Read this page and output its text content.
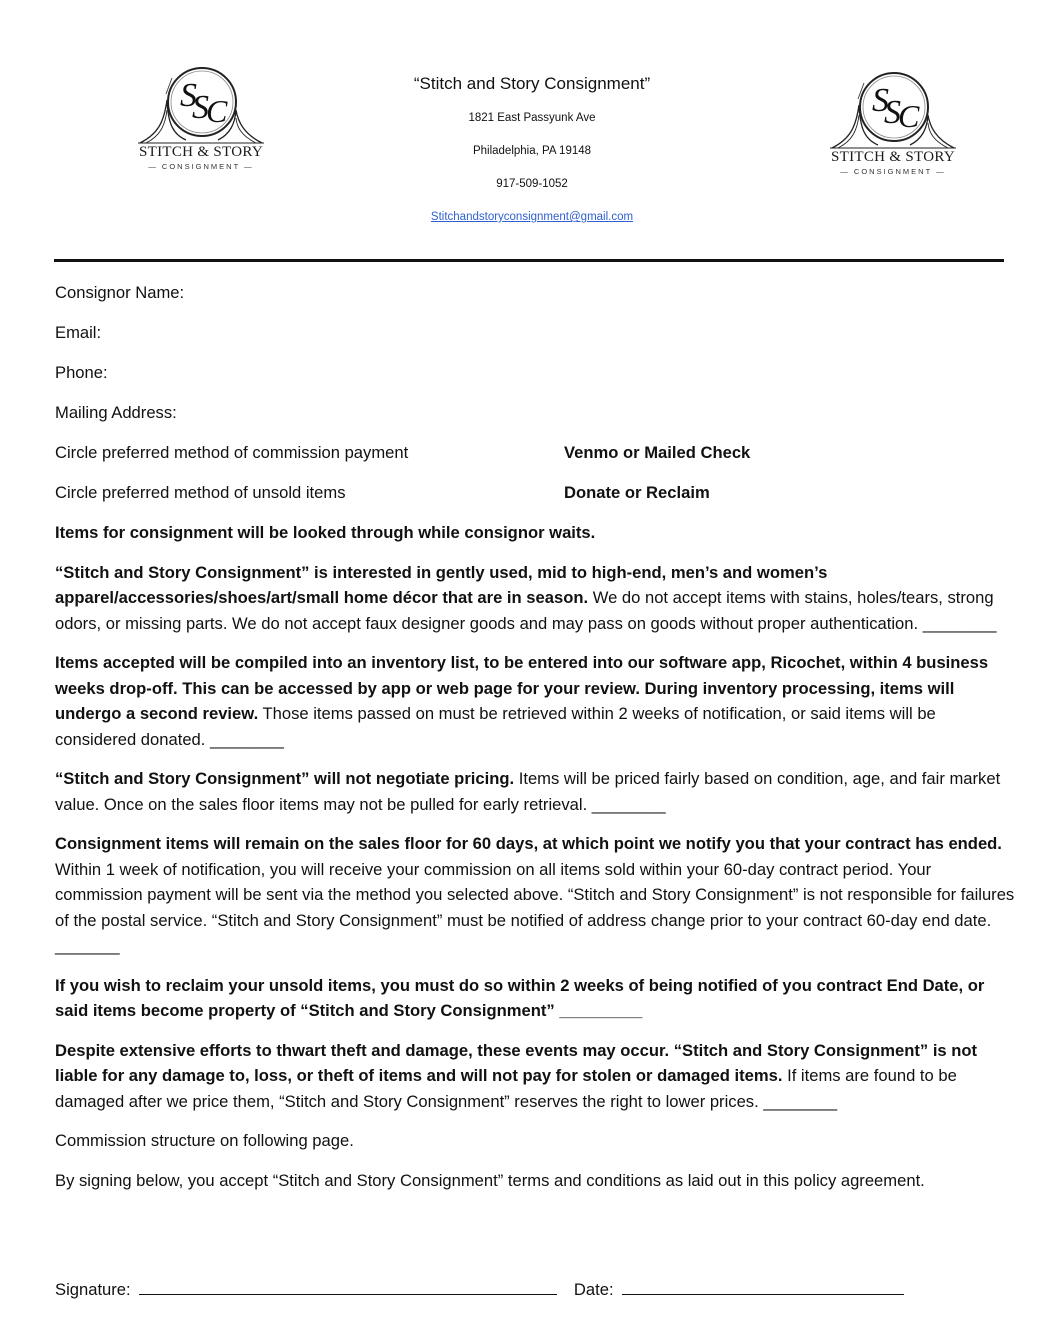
S
S
C
STITCH & STORY
— CONSIGNMENT —
“Stitch and Story Consignment”
1821 East Passyunk Ave
Philadelphia, PA 19148
917-509-1052
Stitchandstoryconsignment@gmail.com
S
S
C
STITCH & STORY
— CONSIGNMENT —
Consignor Name:
Email:
Phone:
Mailing Address:
Circle preferred method of commission payment	Venmo or Mailed Check
Circle preferred method of unsold items	Donate or Reclaim

Items for consignment will be looked through while consignor waits.

“Stitch and Story Consignment” is interested in gently used, mid to high-end, men’s and women’s apparel/accessories/shoes/art/small home décor that are in season. We do not accept items with stains, holes/tears, strong odors, or missing parts. We do not accept faux designer goods and may pass on goods without proper authentication. ________

Items accepted will be compiled into an inventory list, to be entered into our software app, Ricochet, within 4 business weeks drop-off. This can be accessed by app or web page for your review. During inventory processing, items will undergo a second review. Those items passed on must be retrieved within 2 weeks of notification, or said items will be considered donated. ________

“Stitch and Story Consignment” will not negotiate pricing. Items will be priced fairly based on condition, age, and fair market value. Once on the sales floor items may not be pulled for early retrieval. ________

Consignment items will remain on the sales floor for 60 days, at which point we notify you that your contract has ended. Within 1 week of notification, you will receive your commission on all items sold within your 60-day contract period. Your commission payment will be sent via the method you selected above. “Stitch and Story Consignment” is not responsible for failures of the postal service. “Stitch and Story Consignment” must be notified of address change prior to your contract 60-day end date. _______

If you wish to reclaim your unsold items, you must do so within 2 weeks of being notified of you contract End Date, or said items become property of “Stitch and Story Consignment” _________

Despite extensive efforts to thwart theft and damage, these events may occur. “Stitch and Story Consignment” is not liable for any damage to, loss, or theft of items and will not pay for stolen or damaged items. If items are found to be damaged after we price them, “Stitch and Story Consignment” reserves the right to lower prices. ________

Commission structure on following page.

By signing below, you accept “Stitch and Story Consignment” terms and conditions as laid out in this policy agreement.

Signature:	Date:
